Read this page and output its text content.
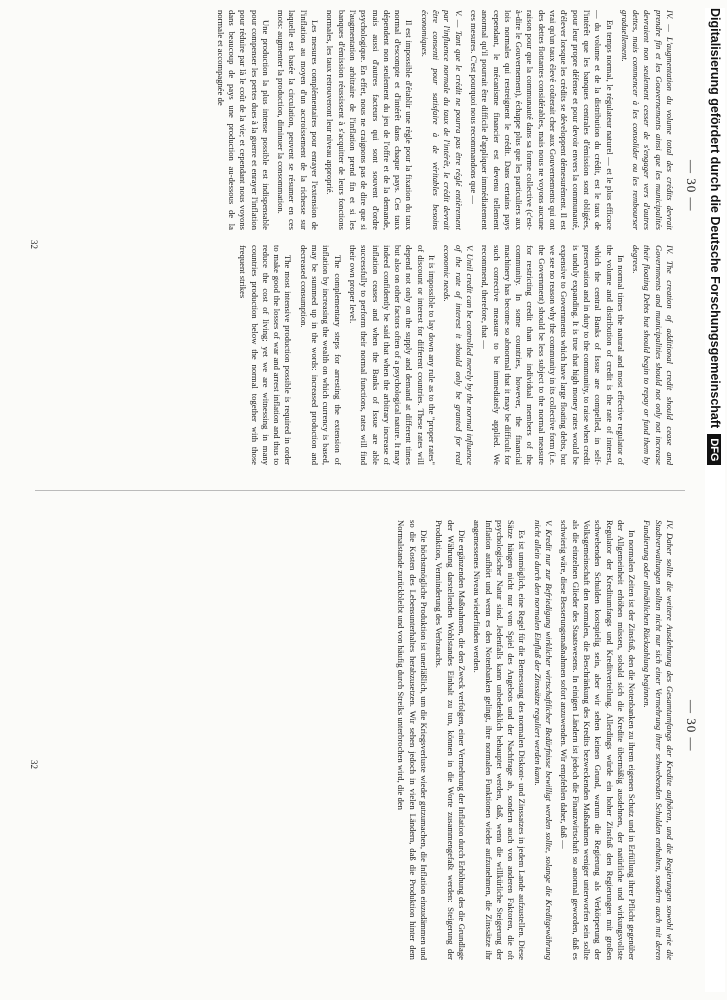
— 30 —

IV. — L'augmentation du volume total des crédits devrait prendre fin et les Gouvernements ainsi que les municipalités devraient non seulement cesser de s'engager vers d'autres dettes, mais commencer à les consolider ou les rembourser graduellement.

En temps normal, le régulateur naturel — et le plus efficace — du volume et de la distribution du crédit, est le taux de l'intérêt que les banques centrales d'émission sont obligées, pour leur propre défense et pour devoir envers la communauté, d'élever lorsque les crédits se développent démesurément. Il est vrai qu'un taux élevé coûterait cher aux Gouvernements qui ont des dettes flottantes considérables, mais nous ne voyons aucune raison pour que la communauté dans sa forme collective (c'est-à-dire le Gouvernement), échappe plus que les particuliers aux lois normales qui restreignent le crédit. Dans certains pays cependant, le mécanisme financier est devenu tellement anormal qu'il pourrait être difficile d'appliquer immédiatement ces mesures. C'est pourquoi nous recommandons que —

V. — Tant que le crédit ne pourra pas être réglé entièrement par l'influence normale du taux de l'intérêt, le crédit devrait être consenti pour satisfaire à de véritables besoins économiques.

Il est impossible d'établir une règle pour la fixation du taux normal d'escompte et d'intérêt dans chaque pays. Ces taux dépendent non seulement du jeu de l'offre et de la demande, mais aussi d'autres facteurs qui sont souvent d'ordre psychologique. En effet, nous ne craignons pas de dire que si l'augmentation arbitraire de l'inflation prend fin et si les banques d'émission réussissent à s'acquitter de leurs fonctions normales, les taux retrouveront leur niveau approprié.

Les mesures complémentaires pour enrayer l'extension de l'inflation au moyen d'un accroissement de la richesse sur laquelle est basée la circulation, peuvent se résumer en ces mots: augmenter la production, diminuer la consommation.

Une production la plus intense possible est indispensable pour compenser les pertes dues à la guerre et enrayer l'inflation pour réduire par là le coût de la vie; et cependant nous voyons dans beaucoup de pays une production au-dessous de la normale et accompagnée de

IV. The creation of additional credit should cease and Governments and municipalities should not only not increase their floating Debts but should begin to repay or fund them by degrees.

In normal times the natural and most effective regulator of the volume and distribution of credit is the rate of interest, which the central Banks of Issue are compelled, in self-preservation and in duty to the community, to raise when credit is unduly expanding. It is true that high money rates would be expensive to Governments which have large floating debts, but we see no reason why the community in its collective form (i.e. the Government) should be less subject to the normal measure for restricting credit than the individual members of the community. In some countries, however, the financial machinery has become so abnormal that it may be difficult for such corrective measure to be immediately applied. We recommend, therefore, that —

V. Until credit can be controlled merely by the normal influence of the rate of interest it should only be granted for real economic needs.

It is impossible to lay down any rule as to the "proper rates" of discount or interest for different countries. These rates will depend not only on the supply and demand at different times but also on other factors often of a psychological nature. It may indeed confidently be said that when the arbitrary increase of inflation ceases and when the Banks of Issue are able successfully to perform their normal functions, rates will find their own proper level.

The complementary steps for arresting the extension of inflation by increasing the wealth on which currency is based, may be summed up in the words: increased production and decreased consumption.

The most intensive production possible is required in order to make good the losses of war and arrest inflation and thus to reduce the cost of living; yet we are witnessing in many countries production below the normal together with those frequent strikes

32
— 30 —

IV. Daher sollte die weitere Ausdehnung des Gesamtumfangs der Kredite aufhören, und die Regierungen sowohl wie die Stadtverwaltungen sollten nicht nur sich einer Vermehrung ihrer schwebenden Schulden enthalten, sondern auch mit deren Fundierung oder allmählichen Rückzahlung beginnen.

In normalen Zeiten ist der Zinsfuß, den die Notenbanken zu ihrem eigenen Schutz und in Erfüllung ihrer Pflicht gegenüber der Allgemeinheit erhöhen müssen, sobald sich die Kredite übermäßig ausdehnen, der natürliche und wirkungsvollste Regulator der Kreditumfangs und Kreditverteilung. Allerdings würde ein hoher Zinsfuß den Regierungen mit großen schwebenden Schulden kostspielig sein, aber wir sehen keinen Grund, warum die Regierung als Verkörperung der Volksgemeinschaft den normalen, die Beschränkung des Kredits bezweckenden Maßnahmen weniger unterworfen sein sollte als die einzelnen Glieder des Staatswesens. In einigen Ländern ist jedoch die Finanzwirtschaft so anormal geworden, daß es schwierig wäre, diese Besserungsmaßnahmen sofort anzuwenden. Wir empfehlen daher, daß —

V. Kredit nur zur Befriedigung wirklicher wirtschaftlicher Bedürfnisse bewilligt werden sollte, solange die Kreditgewährung nicht allein durch den normalen Einfluß der Zinssätze reguliert werden kann.

Es ist unmöglich, eine Regel für die Bemessung des normalen Diskont- und Zinssatzes in jedem Lande aufzustellen. Diese Sätze hängen nicht nur vom Spiel des Angebots und der Nachfrage ab, sondern auch von anderen Faktoren, die oft psychologischer Natur sind. Jedenfalls kann unbedenklich behauptet werden, daß, wenn die willkürliche Steigerung der Inflation aufhört und wenn es den Notenbanken gelingt, ihre normalen Funktionen wieder aufzunehmen, die Zinssätze ihr angemessenes Niveau wiederfinden werden.

Die ergänzenden Maßnahmen, die den Zweck verfolgen, einer Vermehrung der Inflation durch Erhöhung des die Grundlage der Währung darstellenden Wohlstandes Einhalt zu tun, können in die Worte zusammengefaßt werden: Steigerung der Produktion, Verminderung des Verbrauchs.

Die höchstmögliche Produktion ist unerläßlich, um die Kriegsverluste wieder gutzumachen, die Inflation einzudämmen und so die Kosten des Lebensunterhaltes herabzusetzen. Wir sehen jedoch in vielen Ländern, daß die Produktion hinter dem Normalstande zurückbleibt und von häufig durch Streiks unterbrochen wird, die den

32
Digitalisierung gefördert durch die Deutsche ForschungsgemeinschaftDFG
